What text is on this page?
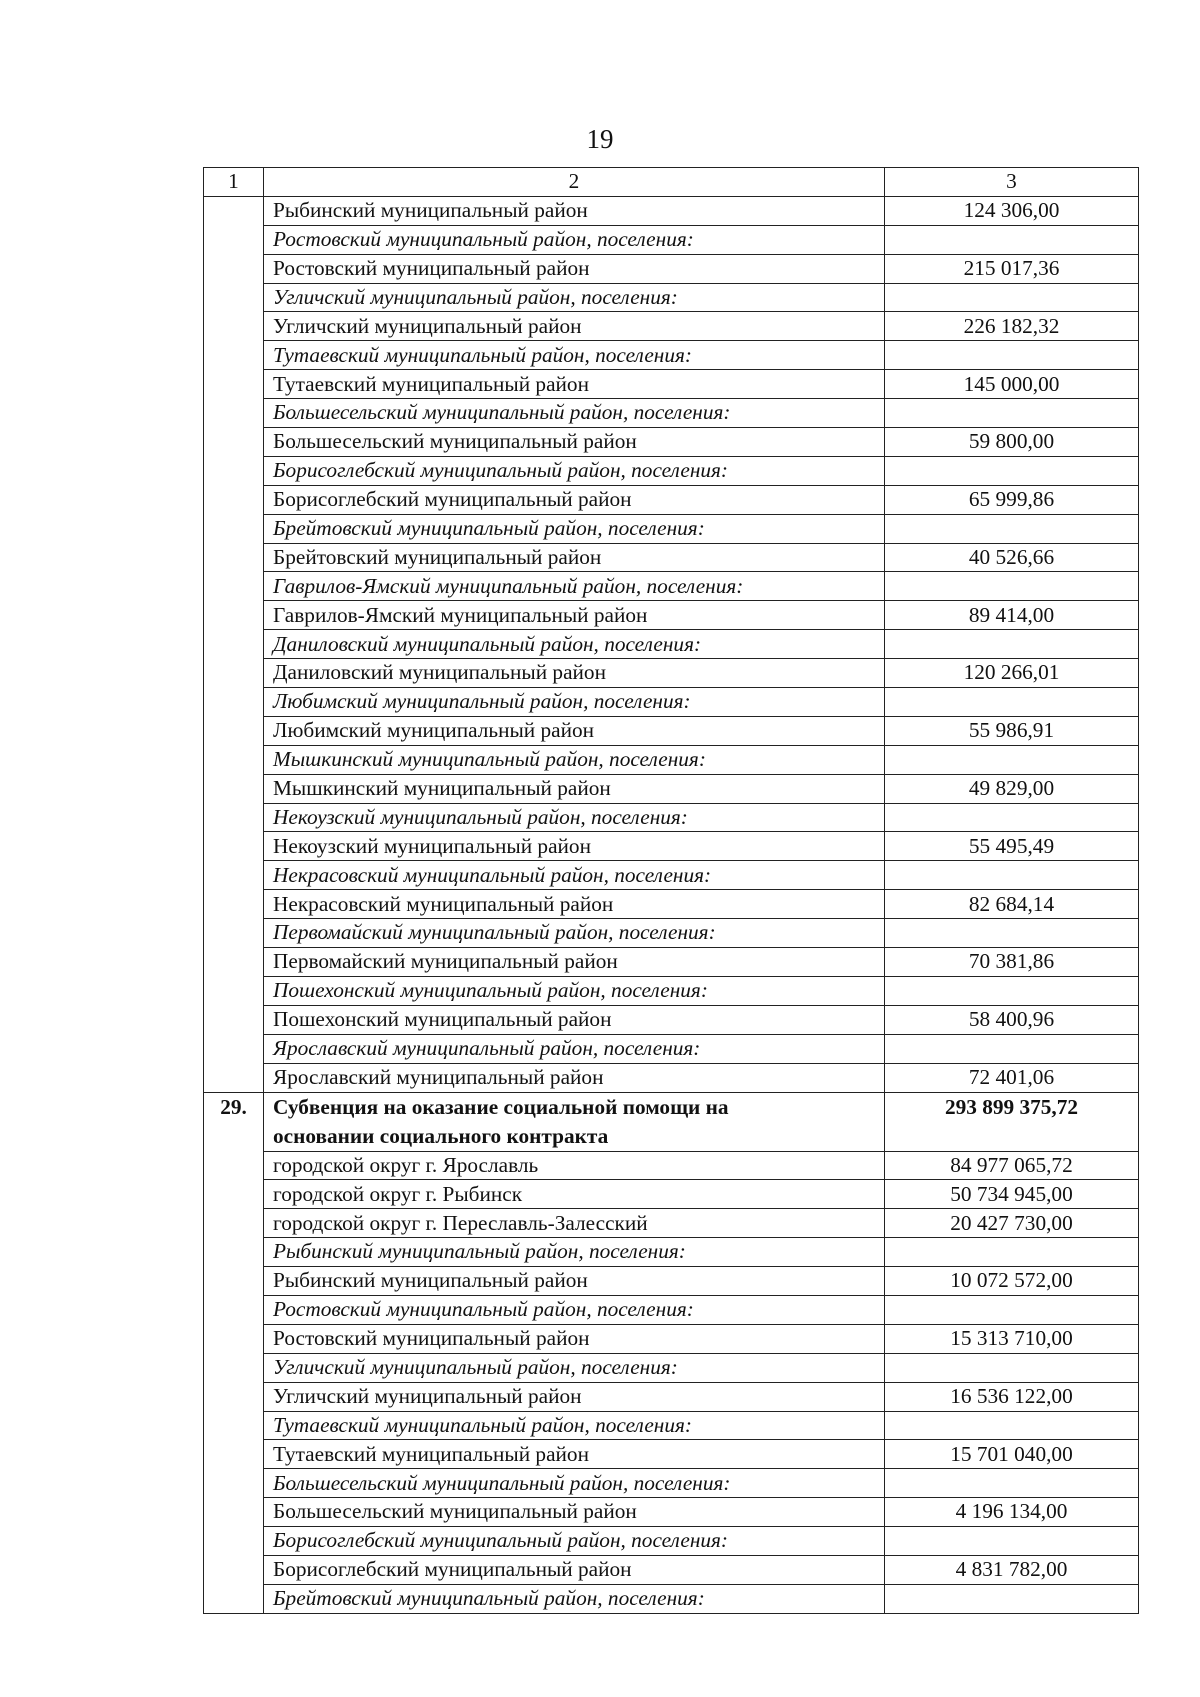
19
1	2	3
	Рыбинский муниципальный район	124 306,00
	Ростовский муниципальный район, поселения:	
	Ростовский муниципальный район	215 017,36
	Угличский муниципальный район, поселения:	
	Угличский муниципальный район	226 182,32
	Тутаевский муниципальный район, поселения:	
	Тутаевский муниципальный район	145 000,00
	Большесельский муниципальный район, поселения:	
	Большесельский муниципальный район	59 800,00
	Борисоглебский муниципальный район, поселения:	
	Борисоглебский муниципальный район	65 999,86
	Брейтовский муниципальный район, поселения:	
	Брейтовский муниципальный район	40 526,66
	Гаврилов-Ямский муниципальный район, поселения:	
	Гаврилов-Ямский муниципальный район	89 414,00
	Даниловский муниципальный район, поселения:	
	Даниловский муниципальный район	120 266,01
	Любимский муниципальный район, поселения:	
	Любимский муниципальный район	55 986,91
	Мышкинский муниципальный район, поселения:	
	Мышкинский муниципальный район	49 829,00
	Некоузский муниципальный район, поселения:	
	Некоузский муниципальный район	55 495,49
	Некрасовский муниципальный район, поселения:	
	Некрасовский муниципальный район	82 684,14
	Первомайский муниципальный район, поселения:	
	Первомайский муниципальный район	70 381,86
	Пошехонский муниципальный район, поселения:	
	Пошехонский муниципальный район	58 400,96
	Ярославский муниципальный район, поселения:	
	Ярославский муниципальный район	72 401,06
29.	Субвенция на оказание социальной помощи на
основании социального контракта	293 899 375,72
	городской округ г. Ярославль	84 977 065,72
	городской округ г. Рыбинск	50 734 945,00
	городской округ г. Переславль-Залесский	20 427 730,00
	Рыбинский муниципальный район, поселения:	
	Рыбинский муниципальный район	10 072 572,00
	Ростовский муниципальный район, поселения:	
	Ростовский муниципальный район	15 313 710,00
	Угличский муниципальный район, поселения:	
	Угличский муниципальный район	16 536 122,00
	Тутаевский муниципальный район, поселения:	
	Тутаевский муниципальный район	15 701 040,00
	Большесельский муниципальный район, поселения:	
	Большесельский муниципальный район	4 196 134,00
	Борисоглебский муниципальный район, поселения:	
	Борисоглебский муниципальный район	4 831 782,00
	Брейтовский муниципальный район, поселения:	
